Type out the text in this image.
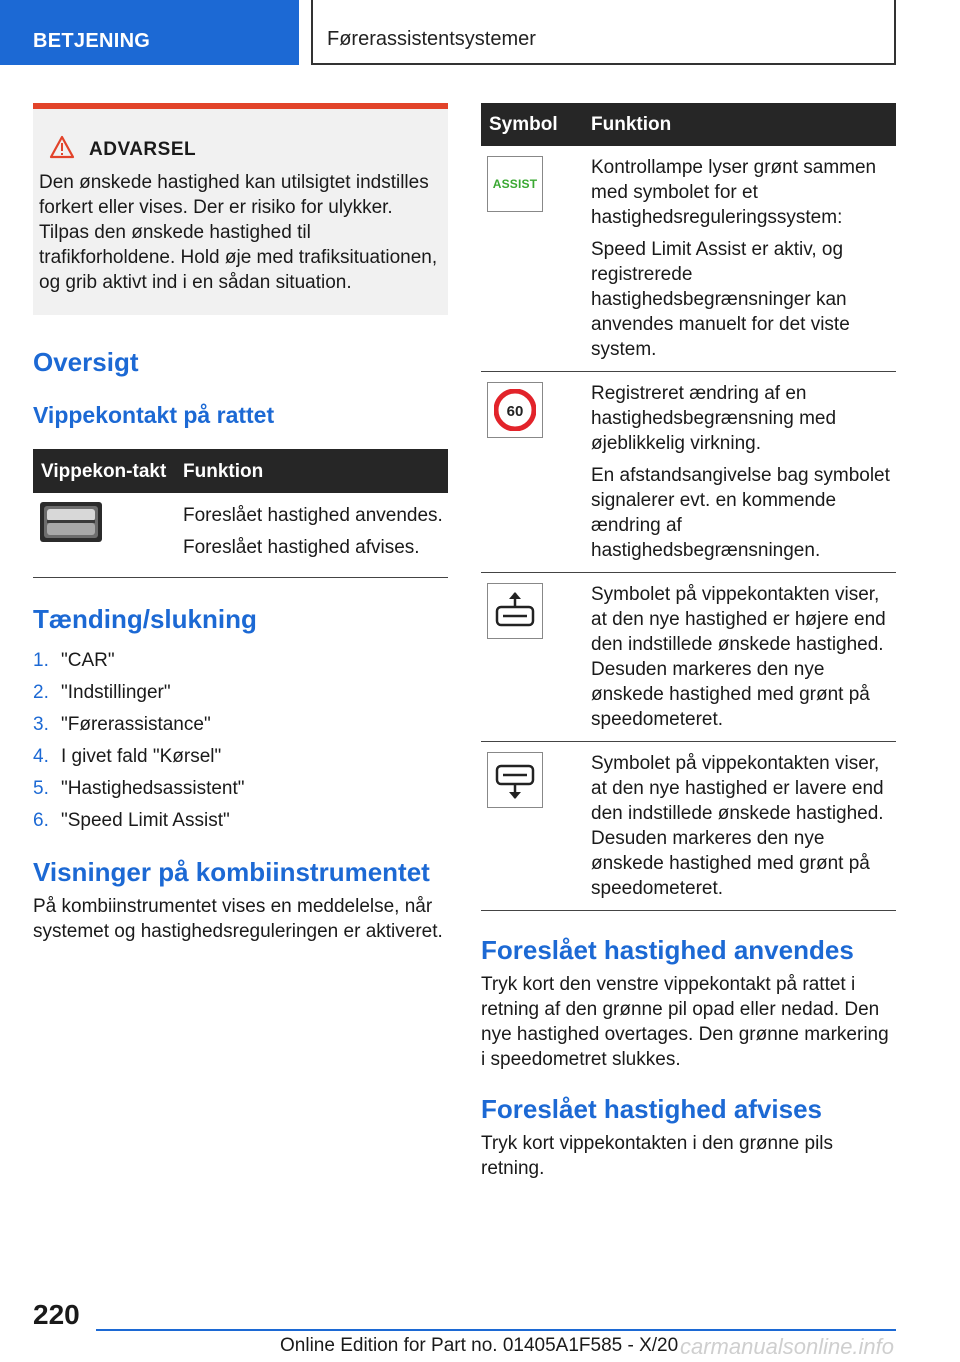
BETJENING	Førerassistentsystemer
ADVARSEL
Den ønskede hastighed kan utilsigtet indstilles forkert eller vises. Der er risiko for ulykker. Tilpas den ønskede hastighed til trafikforholdene. Hold øje med trafiksituationen, og grib aktivt ind i en sådan situation.
Oversigt
Vippekontakt på rattet
Vippekon-takt	Funktion

Foreslået hastighed anvendes.

Foreslået hastighed afvises.

Tænding/slukning
1. "CAR"
2. "Indstillinger"
3. "Førerassistance"
4. I givet fald "Kørsel"
5. "Hastighedsassistent"
6. "Speed Limit Assist"
Visninger på kombiinstrumentet

På kombiinstrumentet vises en meddelelse, når systemet og hastighedsreguleringen er aktiveret.

Symbol	Funktion

ASSIST	Kontrollampe lyser grønt sammen med symbolet for et hastighedsreguleringssystem:

Speed Limit Assist er aktiv, og registrerede hastighedsbegrænsninger kan anvendes manuelt for det viste system.

60	Registreret ændring af en hastighedsbegrænsning med øjeblikkelig virkning.

En afstandsangivelse bag symbolet signalerer evt. en kommende ændring af hastighedsbegrænsningen.

Symbolet på vippekontakten viser, at den nye hastighed er højere end den indstillede ønskede hastighed. Desuden markeres den nye ønskede hastighed med grønt på speedometeret.

Symbolet på vippekontakten viser, at den nye hastighed er lavere end den indstillede ønskede hastighed. Desuden markeres den nye ønskede hastighed med grønt på speedometeret.

Foreslået hastighed anvendes

Tryk kort den venstre vippekontakt på rattet i retning af den grønne pil opad eller nedad. Den nye hastighed overtages. Den grønne markering i speedometret slukkes.

Foreslået hastighed afvises

Tryk kort vippekontakten i den grønne pils retning.

220
Online Edition for Part no. 01405A1F585 - X/20 carmanualsonline.info
